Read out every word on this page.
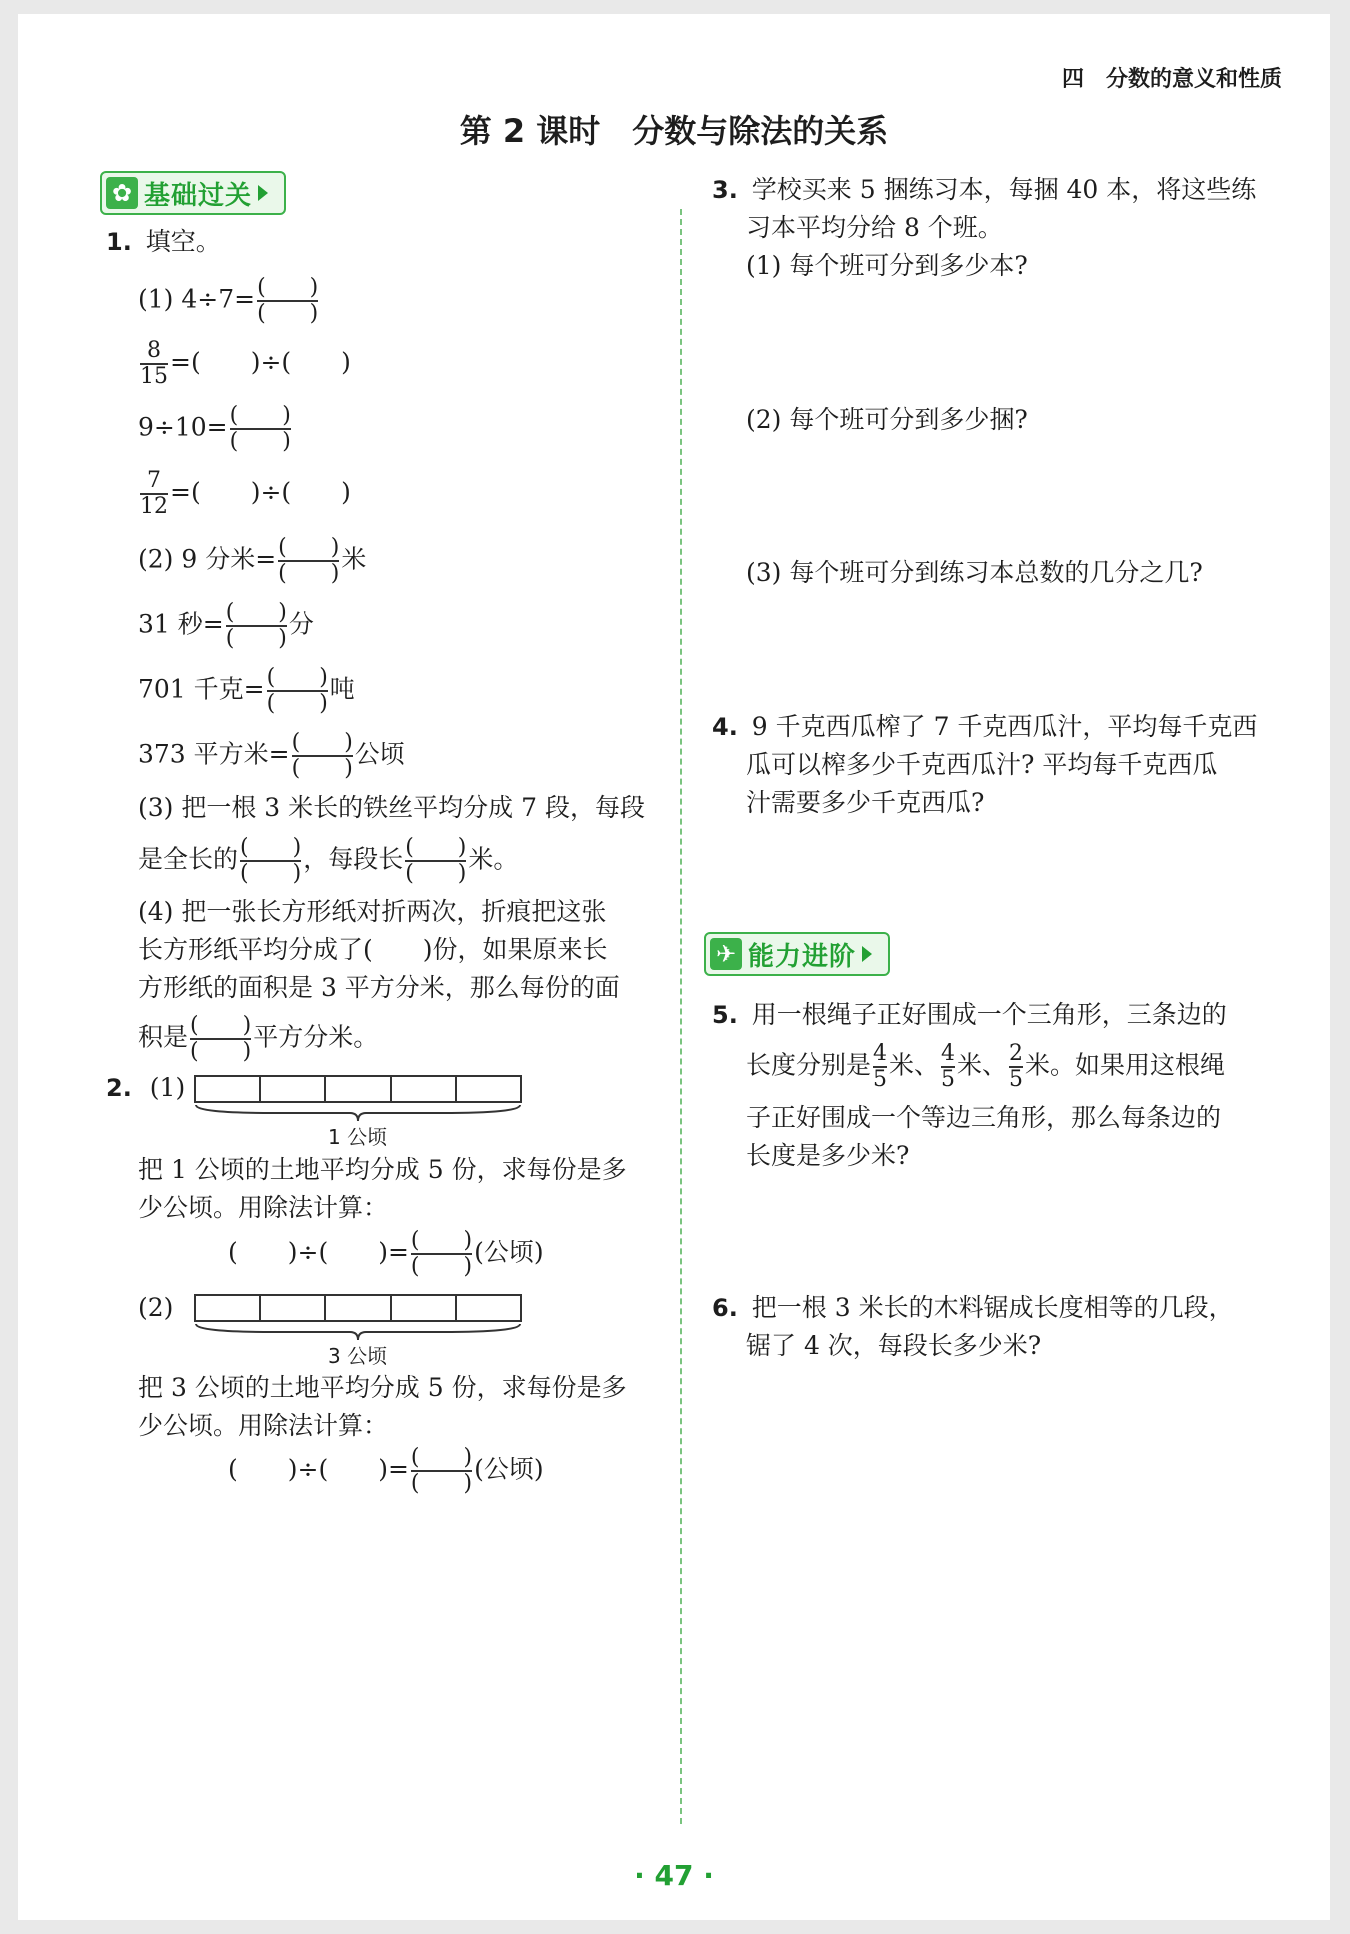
四　分数的意义和性质
第 2 课时　分数与除法的关系
✿ 基础过关
1. 填空。
(1) $4\div 7= \frac{( )}{( )}$
$\frac{8}{15}$ =(　　)÷(　　)
$9\div 10= \frac{( )}{( )}$
$\frac{7}{12}$ =(　　)÷(　　)
(2) 9 分米= $\frac{( )}{( )}$ 米
31 秒= $\frac{( )}{( )}$ 分
701 千克= $\frac{( )}{( )}$ 吨
373 平方米= $\frac{( )}{( )}$ 公顷
(3) 把一根 3 米长的铁丝平均分成 7 段，每段
是全长的 $\frac{( )}{( )}$ ，每段长 $\frac{( )}{( )}$ 米。
(4) 把一张长方形纸对折两次，折痕把这张
长方形纸平均分成了(　　)份，如果原来长
方形纸的面积是 3 平方分米，那么每份的面
积是 $\frac{( )}{( )}$ 平方分米。
2. (1)
1 公顷
把 1 公顷的土地平均分成 5 份，求每份是多
少公顷。用除法计算：
(　　)÷(　　)= $\frac{( )}{( )}$ (公顷)
(2)
3 公顷
把 3 公顷的土地平均分成 5 份，求每份是多
少公顷。用除法计算：
(　　)÷(　　)= $\frac{( )}{( )}$ (公顷)
3. 学校买来 5 捆练习本，每捆 40 本，将这些练
习本平均分给 8 个班。
(1) 每个班可分到多少本?
(2) 每个班可分到多少捆?
(3) 每个班可分到练习本总数的几分之几?
4. 9 千克西瓜榨了 7 千克西瓜汁，平均每千克西
瓜可以榨多少千克西瓜汁? 平均每千克西瓜
汁需要多少千克西瓜?
✈ 能力进阶
5. 用一根绳子正好围成一个三角形，三条边的
长度分别是 $\frac{4}{5}$ 米、 $\frac{4}{5}$ 米、 $\frac{2}{5}$ 米。如果用这根绳
子正好围成一个等边三角形，那么每条边的
长度是多少米?
6. 把一根 3 米长的木料锯成长度相等的几段，
锯了 4 次，每段长多少米?
· 47 ·
